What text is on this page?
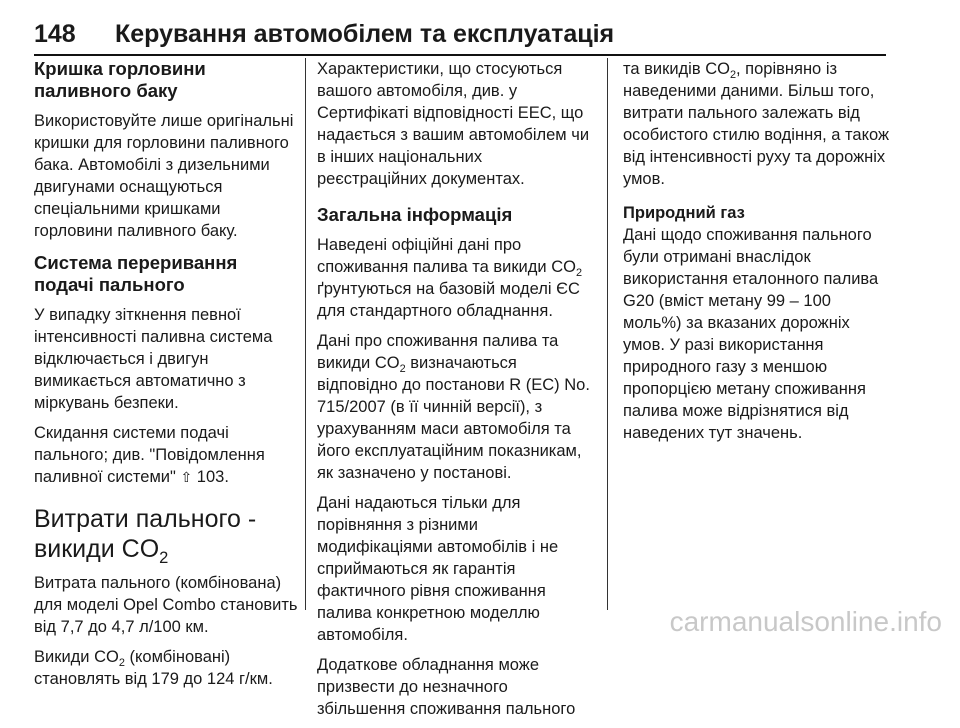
148 Керування автомобілем та експлуатація
Кришка горловини паливного баку

Використовуйте лише оригінальні кришки для горловини паливного бака. Автомобілі з дизельними двигунами оснащуються спеціальними кришками горловини паливного баку.

Система переривання подачі пального

У випадку зіткнення певної інтенсивності паливна система відключається і двигун вимикається автоматично з міркувань безпеки.

Скидання системи подачі пального; див. "Повідомлення паливної системи" ⇧ 103.

Витрати пального - викиди $CO_2$

Витрата пального (комбінована) для моделі Opel Combo становить від 7,7 до 4,7 л/100 км.

Викиди $CO_2$ (комбіновані) становлять від 179 до 124 г/км.

Характеристики, що стосуються вашого автомобіля, див. у Сертифікаті відповідності ЕЕС, що надається з вашим автомобілем чи в інших національних реєстраційних документах.

Загальна інформація

Наведені офіційні дані про споживання палива та викиди $CO_2$ ґрунтуються на базовій моделі ЄС для стандартного обладнання.

Дані про споживання палива та викиди $CO_2$ визначаються відповідно до постанови R (EC) No. 715/2007 (в її чинній версії), з урахуванням маси автомобіля та його експлуатаційним показникам, як зазначено у постанові.

Дані надаються тільки для порівняння з різними модифікаціями автомобілів і не сприймаються як гарантія фактичного рівня споживання палива конкретною моделлю автомобіля.

Додаткове обладнання може призвести до незначного збільшення споживання пального

та викидів $CO_2$, порівняно із наведеними даними. Більш того, витрати пального залежать від особистого стилю водіння, а також від інтенсивності руху та дорожніх умов.

Природний газ

Дані щодо споживання пального були отримані внаслідок використання еталонного палива G20 (вміст метану 99 – 100 моль%) за вказаних дорожніх умов. У разі використання природного газу з меншою пропорцією метану споживання палива може відрізнятися від наведених тут значень.

carmanualsonline.info
